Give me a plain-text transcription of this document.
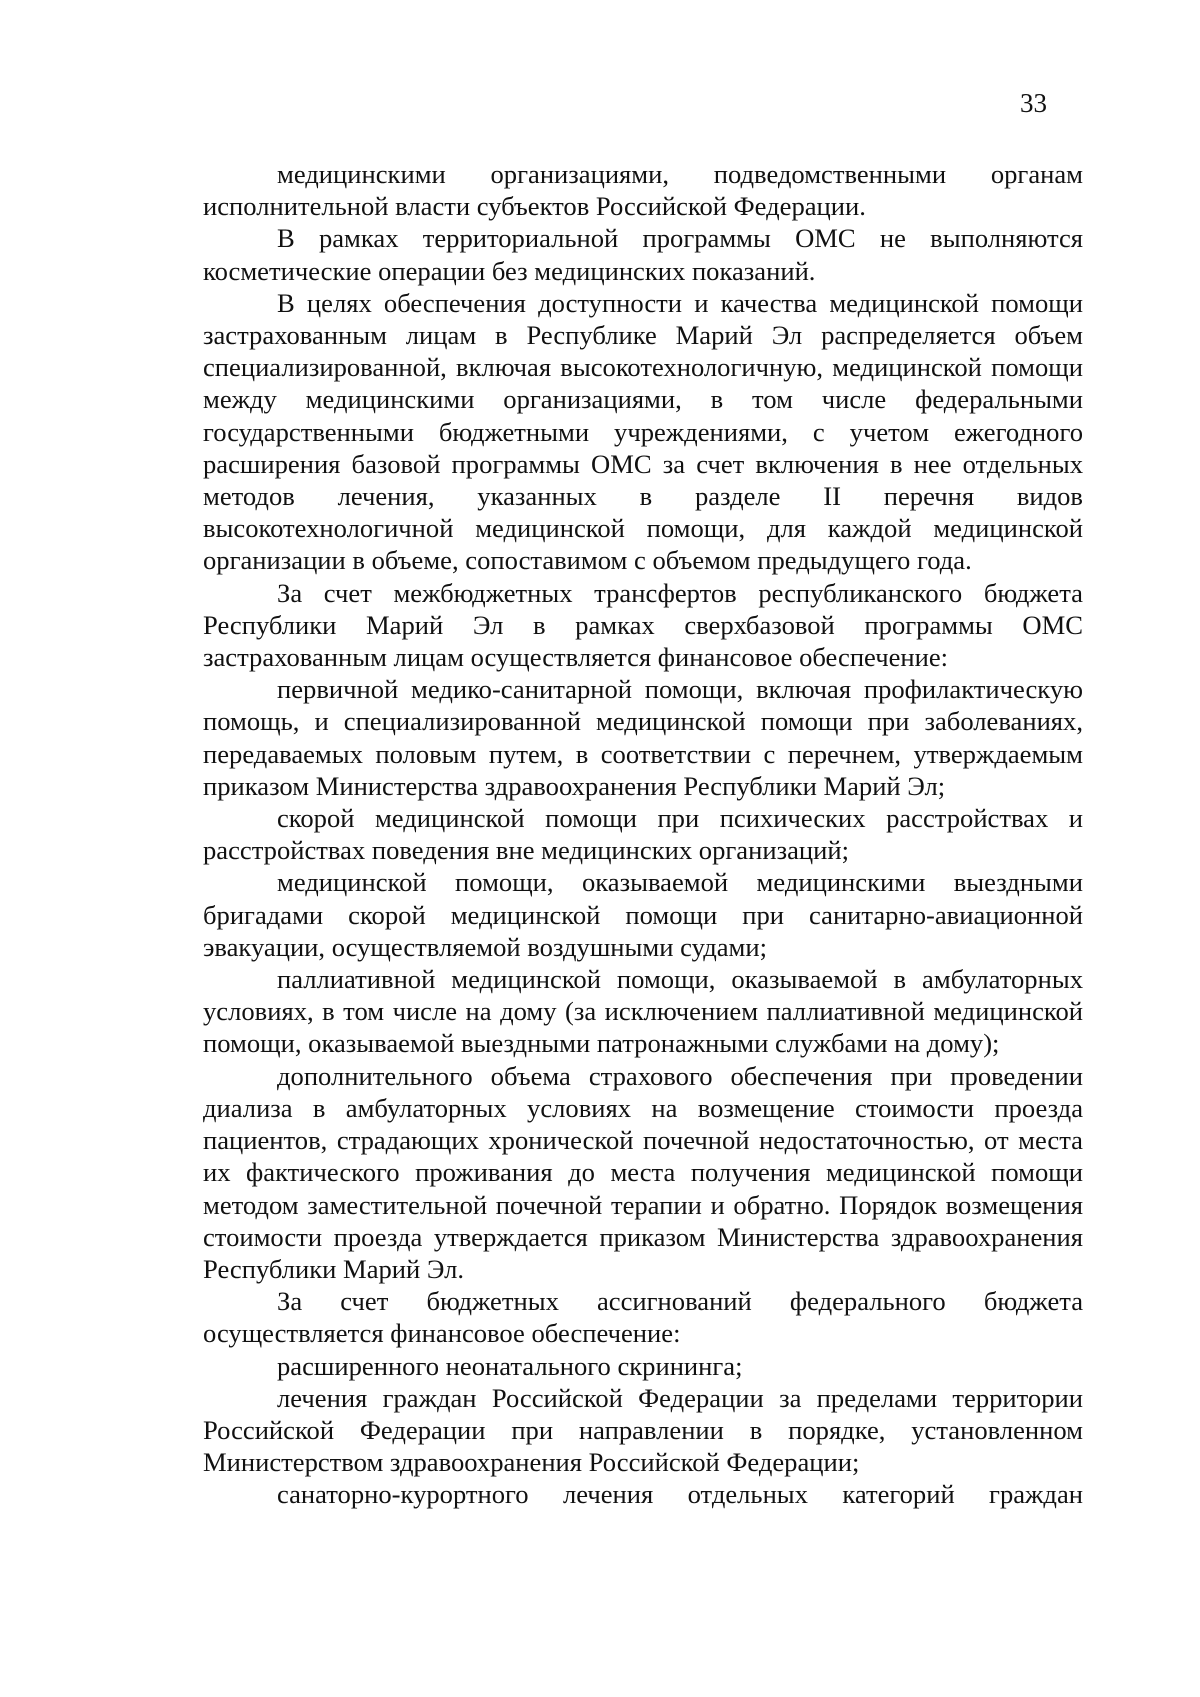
33

медицинскими организациями, подведомственными органам исполнительной власти субъектов Российской Федерации.

В рамках территориальной программы ОМС не выполняются косметические операции без медицинских показаний.

В целях обеспечения доступности и качества медицинской помощи застрахованным лицам в Республике Марий Эл распределяется объем специализированной, включая высокотехнологичную, медицинской помощи между медицинскими организациями, в том числе федеральными государственными бюджетными учреждениями, с учетом ежегодного расширения базовой программы ОМС за счет включения в нее отдельных методов лечения, указанных в разделе II перечня видов высокотехнологичной медицинской помощи, для каждой медицинской организации в объеме, сопоставимом с объемом предыдущего года.

За счет межбюджетных трансфертов республиканского бюджета Республики Марий Эл в рамках сверхбазовой программы ОМС застрахованным лицам осуществляется финансовое обеспечение:

первичной медико-санитарной помощи, включая профилактическую помощь, и специализированной медицинской помощи при заболеваниях, передаваемых половым путем, в соответствии с перечнем, утверждаемым приказом Министерства здравоохранения Республики Марий Эл;

скорой медицинской помощи при психических расстройствах и расстройствах поведения вне медицинских организаций;

медицинской помощи, оказываемой медицинскими выездными бригадами скорой медицинской помощи при санитарно-авиационной эвакуации, осуществляемой воздушными судами;

паллиативной медицинской помощи, оказываемой в амбулаторных условиях, в том числе на дому (за исключением паллиативной медицинской помощи, оказываемой выездными патронажными службами на дому);

дополнительного объема страхового обеспечения при проведении диализа в амбулаторных условиях на возмещение стоимости проезда пациентов, страдающих хронической почечной недостаточностью, от места их фактического проживания до места получения медицинской помощи методом заместительной почечной терапии и обратно. Порядок возмещения стоимости проезда утверждается приказом Министерства здравоохранения Республики Марий Эл.

За счет бюджетных ассигнований федерального бюджета осуществляется финансовое обеспечение:

расширенного неонатального скрининга;

лечения граждан Российской Федерации за пределами территории Российской Федерации при направлении в порядке, установленном Министерством здравоохранения Российской Федерации;

санаторно-курортного лечения отдельных категорий граждан
